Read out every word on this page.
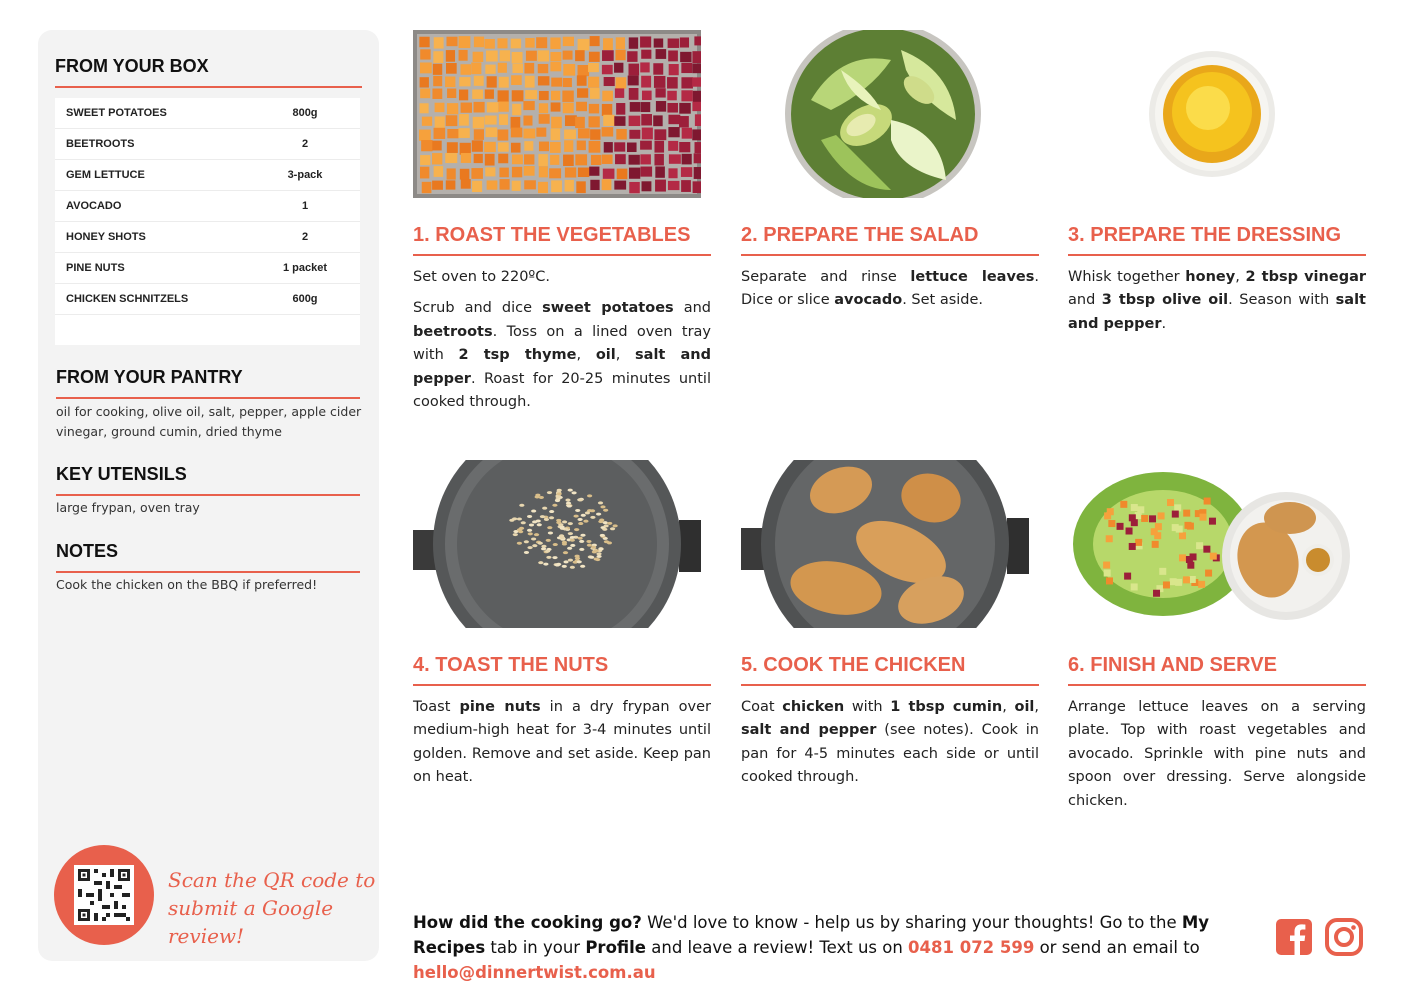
FROM YOUR BOX
SWEET POTATOES	800g
BEETROOTS	2
GEM LETTUCE	3-pack
AVOCADO	1
HONEY SHOTS	2
PINE NUTS	1 packet
CHICKEN SCHNITZELS	600g
FROM YOUR PANTRY
oil for cooking, olive oil, salt, pepper, apple cider vinegar, ground cumin, dried thyme
KEY UTENSILS
large frypan, oven tray
NOTES
Cook the chicken on the BBQ if preferred!
Scan the QR code to
submit a Google review!
1. ROAST THE VEGETABLES	2. PREPARE THE SALAD	3. PREPARE THE DRESSING
4. TOAST THE NUTS	5. COOK THE CHICKEN	6. FINISH AND SERVE

Set oven to 220ºC.

Scrub and dice sweet potatoes and beetroots. Toss on a lined oven tray with 2 tsp thyme, oil, salt and pepper. Roast for 20-25 minutes until cooked through.

Separate and rinse lettuce leaves. Dice or slice avocado. Set aside.

Whisk together honey, 2 tbsp vinegar and 3 tbsp olive oil. Season with salt and pepper.

Toast pine nuts in a dry frypan over medium-high heat for 3-4 minutes until golden. Remove and set aside. Keep pan on heat.

Coat chicken with 1 tbsp cumin, oil, salt and pepper (see notes). Cook in pan for 4-5 minutes each side or until cooked through.

Arrange lettuce leaves on a serving plate. Top with roast vegetables and avocado. Sprinkle with pine nuts and spoon over dressing. Serve alongside chicken.

How did the cooking go? We'd love to know - help us by sharing your thoughts! Go to the My Recipes tab in your Profile and leave a review! Text us on 0481 072 599 or send an email to hello@dinnertwist.com.au
